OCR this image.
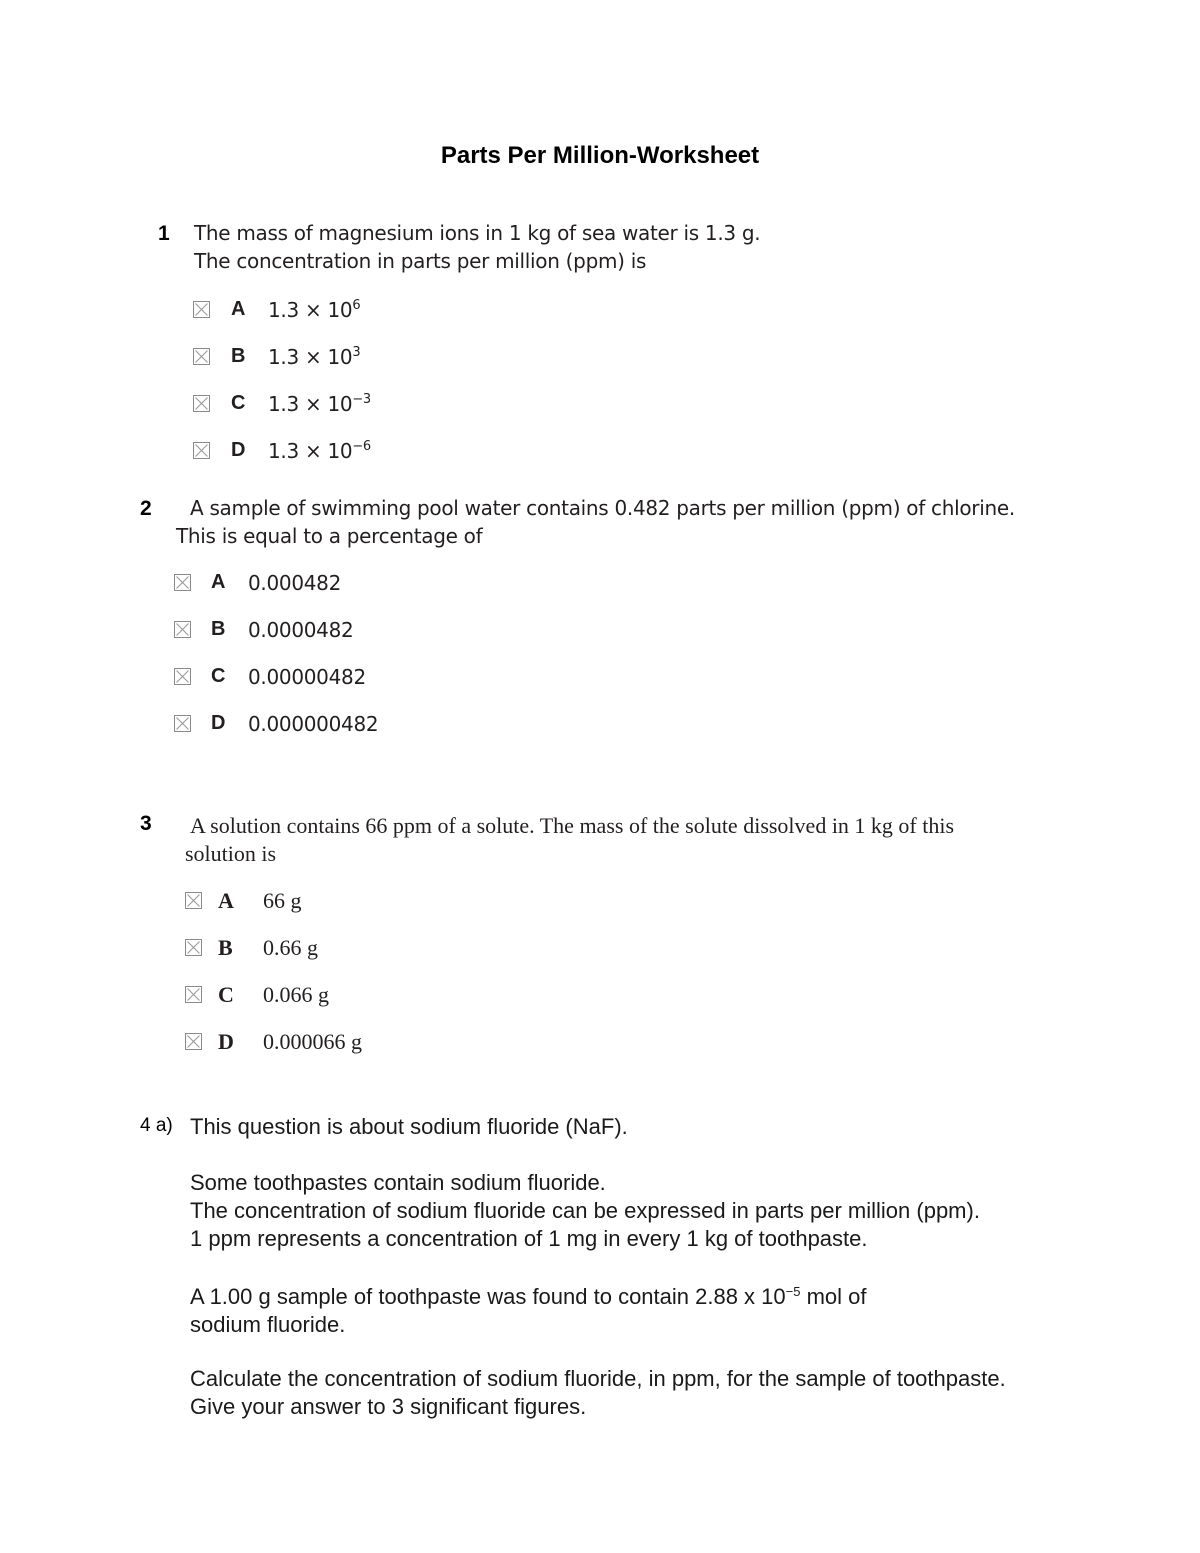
Parts Per Million-Worksheet
1 The mass of magnesium ions in 1 kg of sea water is 1.3 g.
The concentration in parts per million (ppm) is
A $1.3 \times 10^6$
B $1.3 \times 10^3$
C $1.3 \times 10^{-3}$
D $1.3 \times 10^{-6}$
2 A sample of swimming pool water contains 0.482 parts per million (ppm) of chlorine.
This is equal to a percentage of
A 0.000482
B 0.0000482
C 0.00000482
D 0.000000482
3 A solution contains 66 ppm of a solute. The mass of the solute dissolved in 1 kg of this
solution is
A 66 g
B 0.66 g
C 0.066 g
D 0.000066 g
4 a) This question is about sodium fluoride (NaF).
Some toothpastes contain sodium fluoride.
The concentration of sodium fluoride can be expressed in parts per million (ppm).
1 ppm represents a concentration of 1 mg in every 1 kg of toothpaste.
A 1.00 g sample of toothpaste was found to contain 2.88 x $10^{-5}$ mol of
sodium fluoride.
Calculate the concentration of sodium fluoride, in ppm, for the sample of toothpaste.
Give your answer to 3 significant figures.
